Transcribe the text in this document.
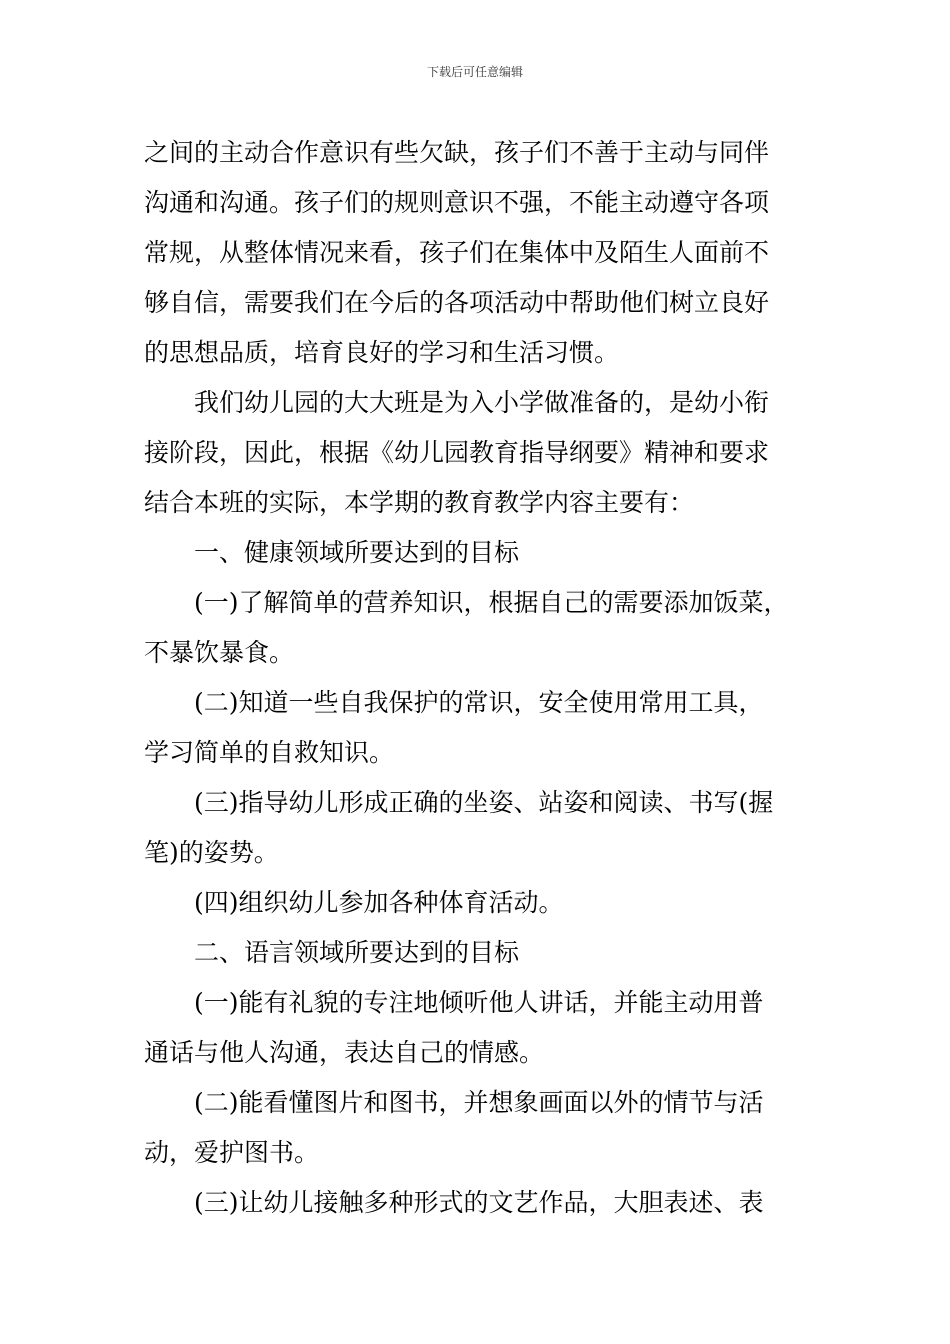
下载后可任意编辑
之间的主动合作意识有些欠缺，孩子们不善于主动与同伴
沟通和沟通。孩子们的规则意识不强，不能主动遵守各项
常规，从整体情况来看，孩子们在集体中及陌生人面前不
够自信，需要我们在今后的各项活动中帮助他们树立良好
的思想品质，培育良好的学习和生活习惯。
我们幼儿园的大大班是为入小学做准备的，是幼小衔
接阶段，因此，根据《幼儿园教育指导纲要》精神和要求
结合本班的实际，本学期的教育教学内容主要有：
一、健康领域所要达到的目标
(一)了解简单的营养知识，根据自己的需要添加饭菜，
不暴饮暴食。
(二)知道一些自我保护的常识，安全使用常用工具，
学习简单的自救知识。
(三)指导幼儿形成正确的坐姿、站姿和阅读、书写(握
笔)的姿势。
(四)组织幼儿参加各种体育活动。
二、语言领域所要达到的目标
(一)能有礼貌的专注地倾听他人讲话，并能主动用普
通话与他人沟通，表达自己的情感。
(二)能看懂图片和图书，并想象画面以外的情节与活
动，爱护图书。
(三)让幼儿接触多种形式的文艺作品，大胆表述、表
